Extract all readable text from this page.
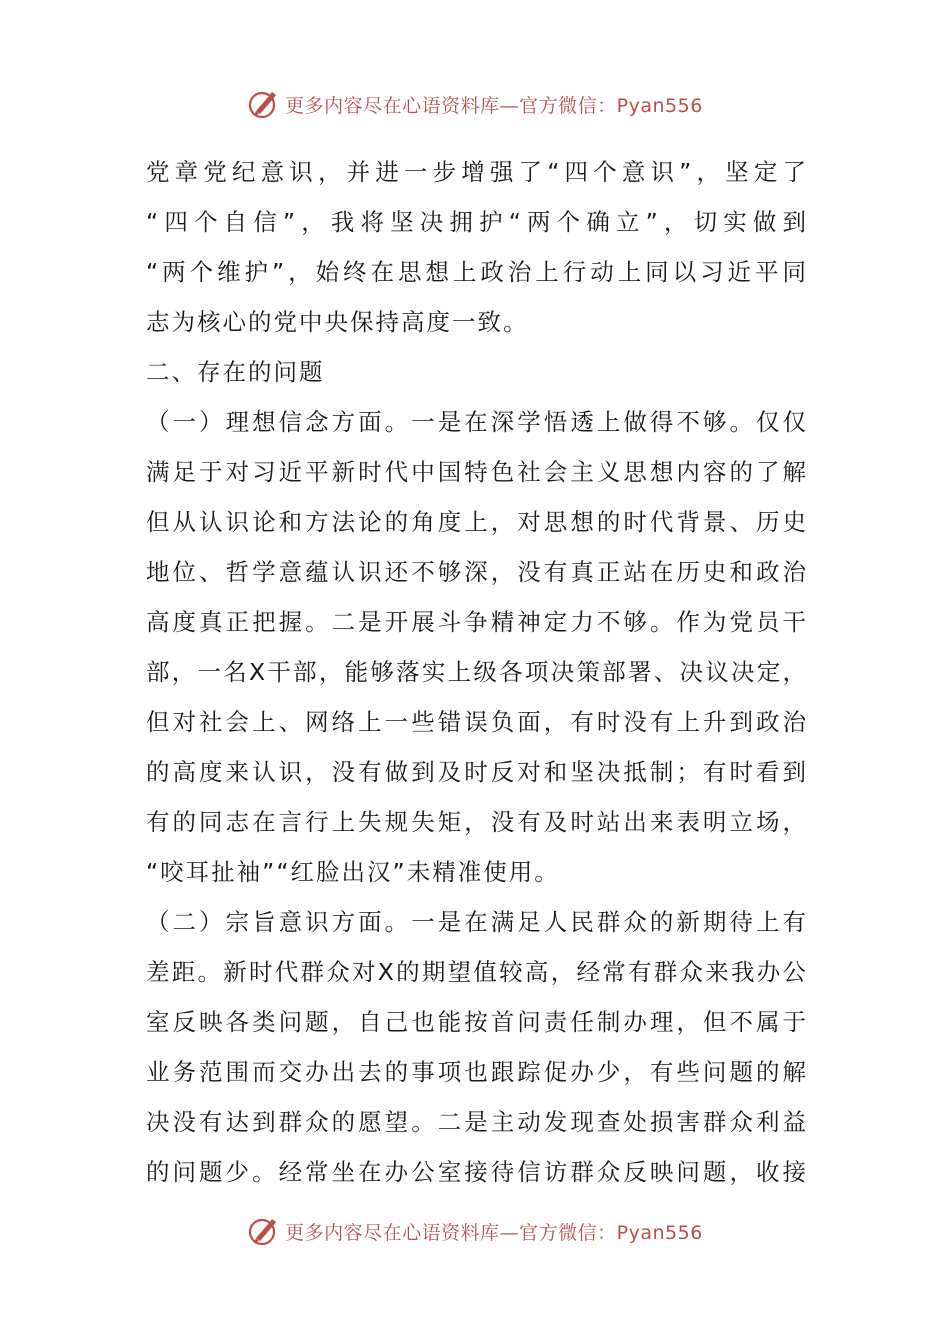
更多内容尽在心语资料库—官方微信：Pyan556
党章党纪意识，并进一步增强了“四个意识”，坚定了
“四个自信”，我将坚决拥护“两个确立”，切实做到
“两个维护”，始终在思想上政治上行动上同以习近平同
志为核心的党中央保持高度一致。
二、存在的问题
（一）理想信念方面。一是在深学悟透上做得不够。仅仅
满足于对习近平新时代中国特色社会主义思想内容的了解
但从认识论和方法论的角度上，对思想的时代背景、历史
地位、哲学意蕴认识还不够深，没有真正站在历史和政治
高度真正把握。二是开展斗争精神定力不够。作为党员干
部，一名X干部，能够落实上级各项决策部署、决议决定，
但对社会上、网络上一些错误负面，有时没有上升到政治
的高度来认识，没有做到及时反对和坚决抵制；有时看到
有的同志在言行上失规失矩，没有及时站出来表明立场，
“咬耳扯袖”“红脸出汉”未精准使用。
（二）宗旨意识方面。一是在满足人民群众的新期待上有
差距。新时代群众对X的期望值较高，经常有群众来我办公
室反映各类问题，自己也能按首问责任制办理，但不属于
业务范围而交办出去的事项也跟踪促办少，有些问题的解
决没有达到群众的愿望。二是主动发现查处损害群众利益
的问题少。经常坐在办公室接待信访群众反映问题，收接
更多内容尽在心语资料库—官方微信：Pyan556
